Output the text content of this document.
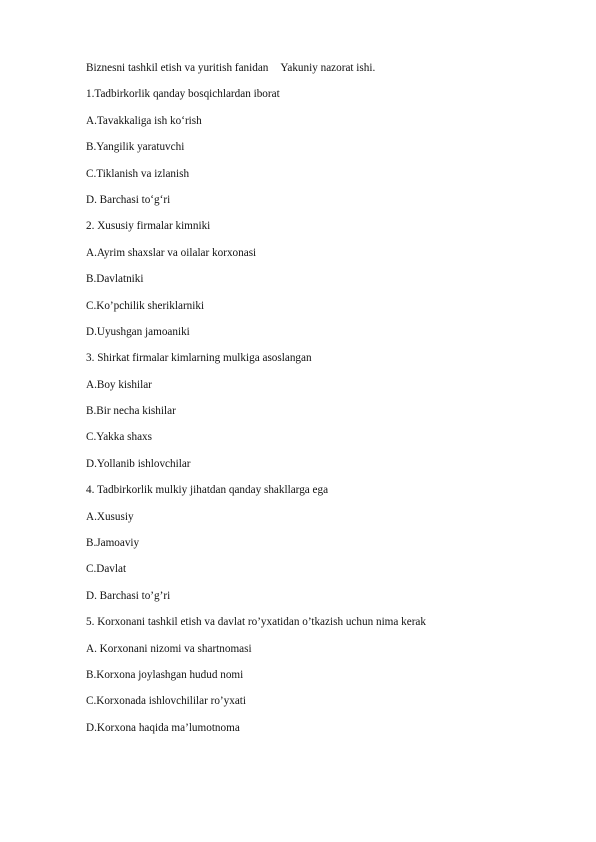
Biznesni tashkil etish va yuritish fanidan Yakuniy nazorat ishi.
1.Tadbirkorlik qanday bosqichlardan iborat
A.Tavakkaliga ish ko‘rish
B.Yangilik yaratuvchi
C.Tiklanish va izlanish
D. Barchasi to‘g‘ri
2. Xususiy firmalar kimniki
A.Ayrim shaxslar va oilalar korxonasi
B.Davlatniki
C.Ko’pchilik sheriklarniki
D.Uyushgan jamoaniki
3. Shirkat firmalar kimlarning mulkiga asoslangan
A.Boy kishilar
B.Bir necha kishilar
C.Yakka shaxs
D.Yollanib ishlovchilar
4. Tadbirkorlik mulkiy jihatdan qanday shakllarga ega
A.Xususiy
B.Jamoaviy
C.Davlat
D. Barchasi to’g’ri
5. Korxonani tashkil etish va davlat ro’yxatidan o’tkazish uchun nima kerak
A. Korxonani nizomi va shartnomasi
B.Korxona joylashgan hudud nomi
C.Korxonada ishlovchililar ro’yxati
D.Korxona haqida ma’lumotnoma
